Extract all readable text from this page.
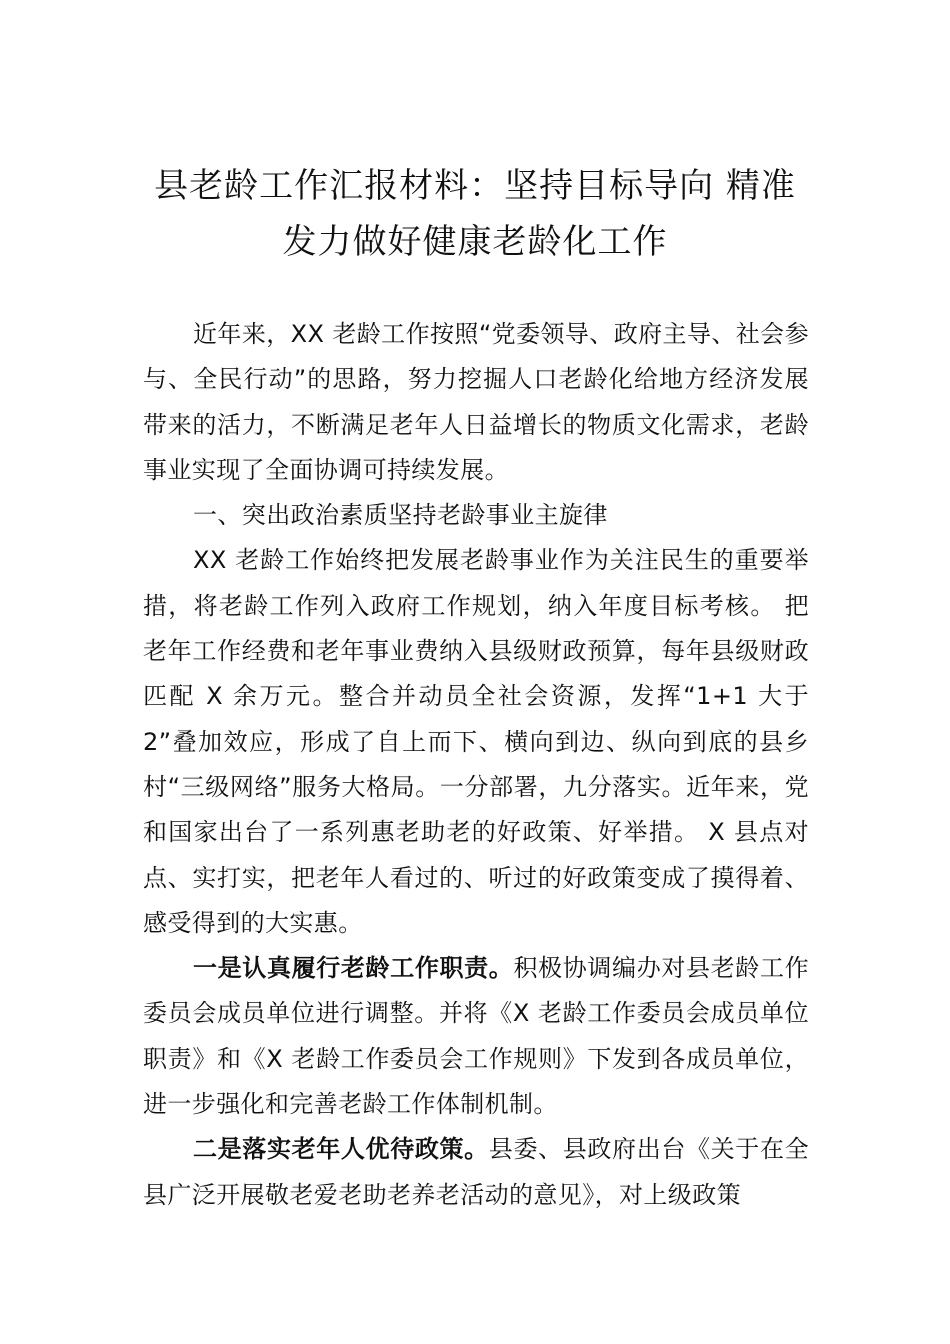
县老龄工作汇报材料：坚持目标导向 精准
发力做好健康老龄化工作

近年来，XX 老龄工作按照“党委领导、政府主导、社会参与、全民行动”的思路，努力挖掘人口老龄化给地方经济发展带来的活力，不断满足老年人日益增长的物质文化需求，老龄事业实现了全面协调可持续发展。

一、突出政治素质坚持老龄事业主旋律

XX 老龄工作始终把发展老龄事业作为关注民生的重要举措，将老龄工作列入政府工作规划，纳入年度目标考核。 把老年工作经费和老年事业费纳入县级财政预算，每年县级财政匹配 X 余万元。整合并动员全社会资源，发挥“1+1 大于2”叠加效应，形成了自上而下、横向到边、纵向到底的县乡村“三级网络”服务大格局。一分部署，九分落实。近年来，党和国家出台了一系列惠老助老的好政策、好举措。 X 县点对点、实打实，把老年人看过的、听过的好政策变成了摸得着、感受得到的大实惠。

一是认真履行老龄工作职责。积极协调编办对县老龄工作委员会成员单位进行调整。并将《X 老龄工作委员会成员单位职责》和《X 老龄工作委员会工作规则》下发到各成员单位，进一步强化和完善老龄工作体制机制。

二是落实老年人优待政策。县委、县政府出台《关于在全县广泛开展敬老爱老助老养老活动的意见》，对上级政策
